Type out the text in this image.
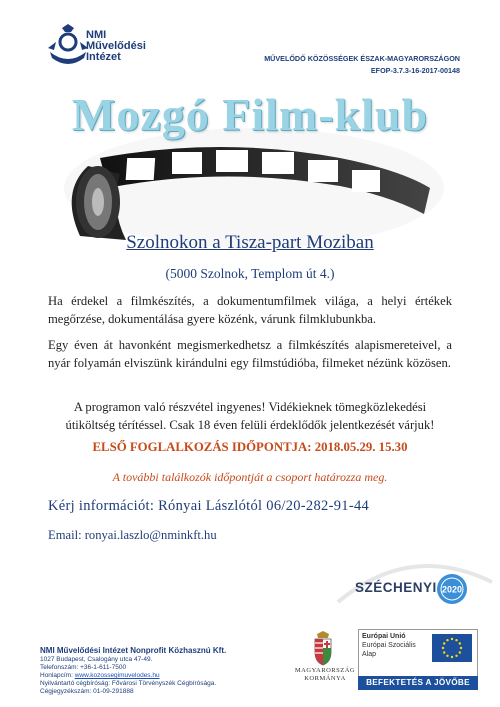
NMI
Művelődési
Intézet	MŰVELŐDŐ KÖZÖSSÉGEK ÉSZAK-MAGYARORSZÁGON
EFOP-3.7.3-16-2017-00148
Mozgó Film-klub
Szolnokon a Tisza-part Moziban
(5000 Szolnok, Templom út 4.)
Ha érdekel a filmkészítés, a dokumentumfilmek világa, a helyi értékek megőrzése, dokumentálása gyere közénk, várunk filmklubunkba.
Egy éven át havonként megismerkedhetsz a filmkészítés alapismereteivel, a nyár folyamán elviszünk kirándulni egy filmstúdióba, filmeket nézünk közösen.
A programon való részvétel ingyenes! Vidékieknek tömegközlekedési útiköltség térítéssel. Csak 18 éven felüli érdeklődők jelentkezését várjuk!
ELSŐ FOGLALKOZÁS IDŐPONTJA: 2018.05.29. 15.30
A további találkozók időpontját a csoport határozza meg.
Kérj információt: Rónyai Lászlótól 06/20-282-91-44
Email: ronyai.laszlo@nminkft.hu
SZÉCHENYI 2020
NMI Művelődési Intézet Nonprofit Közhasznú Kft.
1027 Budapest, Csalogány utca 47-49.
Telefonszám: +36-1-611-7500
Honlapcím: www.kozossegimuvelodes.hu
Nyilvántartó cégbíróság: Fővárosi Törvényszék Cégbírósága.
Cégjegyzékszám: 01-09-291888
MAGYARORSZÁG
KORMÁNYA
Európai Unió
Európai Szociális
Alap
BEFEKTETÉS A JÖVŐBE
